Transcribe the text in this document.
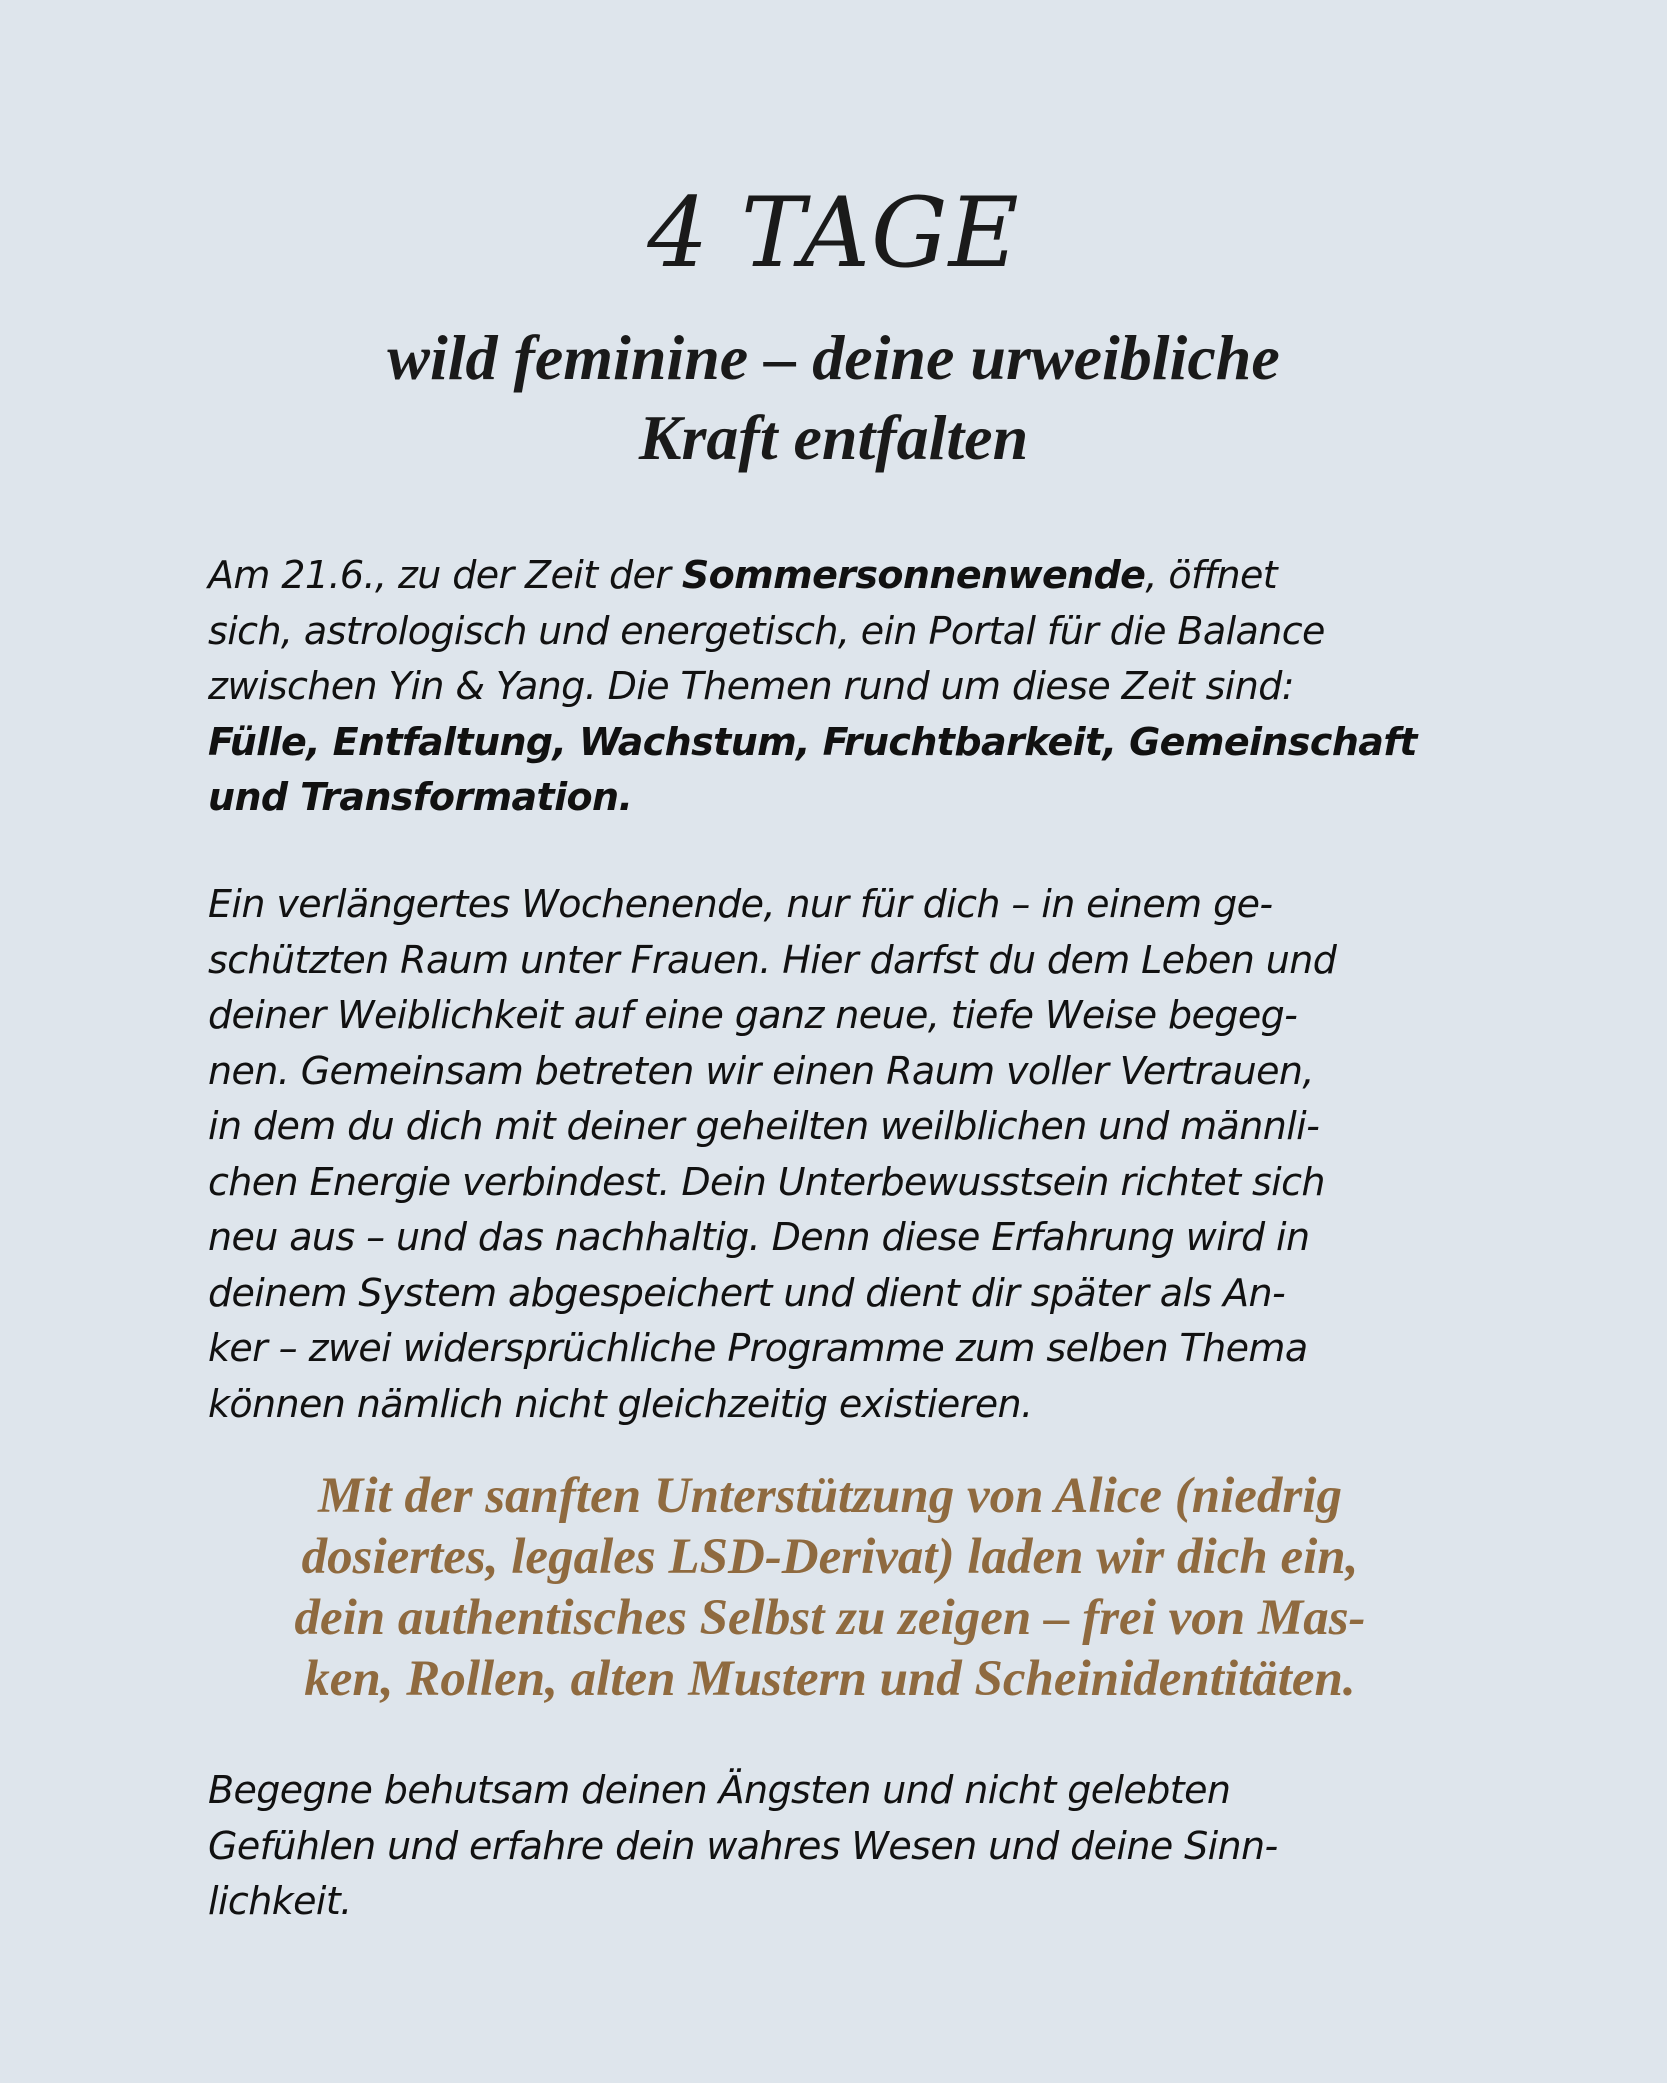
4 TAGE
wild feminine – deine urweibliche
Kraft entfalten

Am 21.6., zu der Zeit der Sommersonnenwende, öffnet
sich, astrologisch und energetisch, ein Portal für die Balance
zwischen Yin & Yang. Die Themen rund um diese Zeit sind:
Fülle, Entfaltung, Wachstum, Fruchtbarkeit, Gemeinschaft
und Transformation.

Ein verlängertes Wochenende, nur für dich – in einem ge-
schützten Raum unter Frauen. Hier darfst du dem Leben und
deiner Weiblichkeit auf eine ganz neue, tiefe Weise begeg-
nen. Gemeinsam betreten wir einen Raum voller Vertrauen,
in dem du dich mit deiner geheilten weilblichen und männli-
chen Energie verbindest. Dein Unterbewusstsein richtet sich
neu aus – und das nachhaltig. Denn diese Erfahrung wird in
deinem System abgespeichert und dient dir später als An-
ker – zwei widersprüchliche Programme zum selben Thema
können nämlich nicht gleichzeitig existieren.

Mit der sanften Unterstützung von Alice (niedrig
dosiertes, legales LSD-Derivat) laden wir dich ein,
dein authentisches Selbst zu zeigen – frei von Mas-
ken, Rollen, alten Mustern und Scheinidentitäten.

Begegne behutsam deinen Ängsten und nicht gelebten
Gefühlen und erfahre dein wahres Wesen und deine Sinn-
lichkeit.
